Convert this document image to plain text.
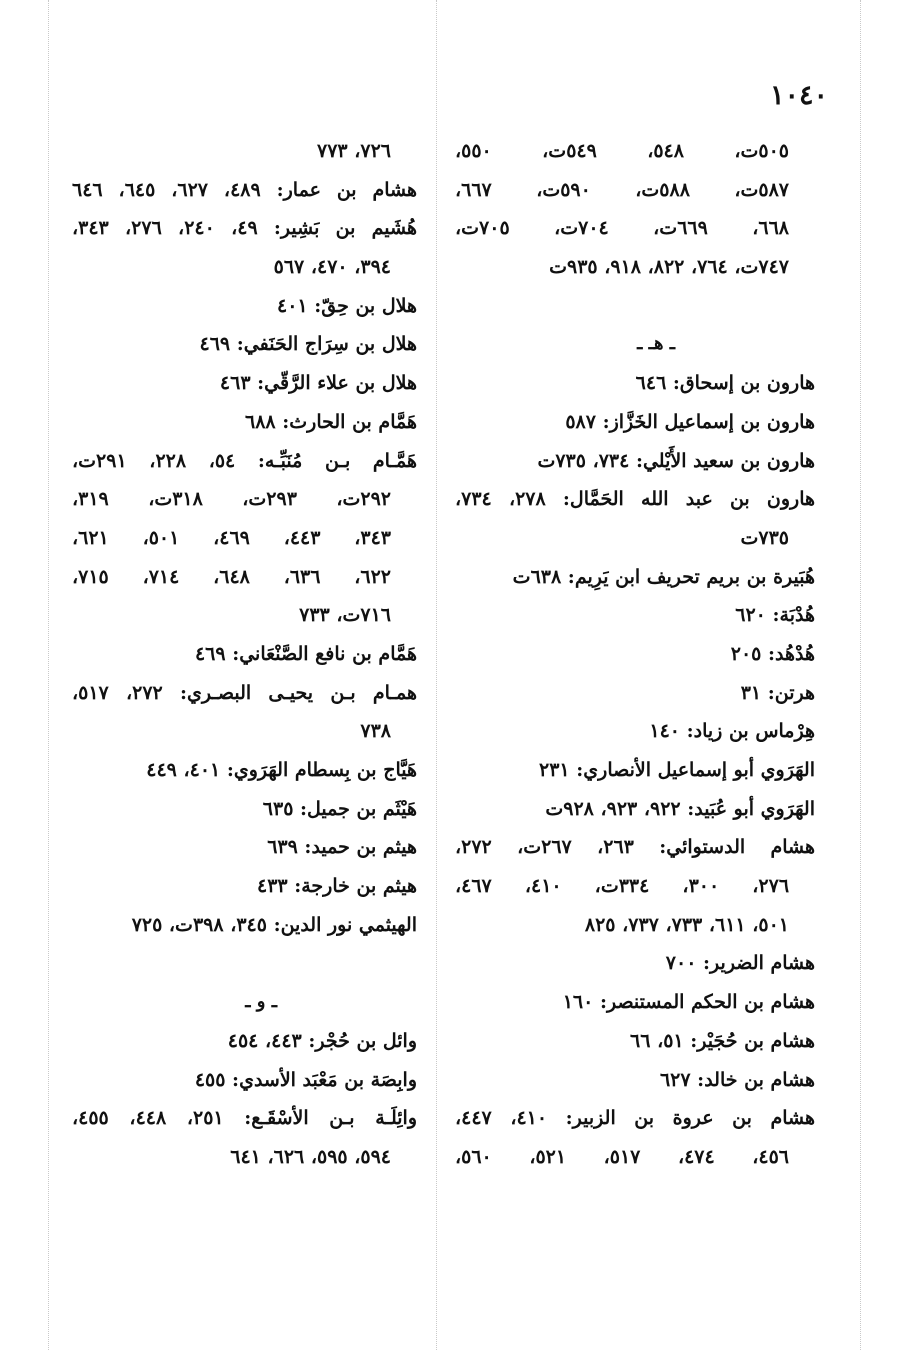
١٠٤٠
٥٠٥ت، ٥٤٨، ٥٤٩ت، ٥٥٠،
٥٨٧ت، ٥٨٨ت، ٥٩٠ت، ٦٦٧،
٦٦٨، ٦٦٩ت، ٧٠٤ت، ٧٠٥ت،
٧٤٧ت، ٧٦٤، ٨٢٢، ٩١٨، ٩٣٥ت
ـ هـ ـ
هارون بن إسحاق: ٦٤٦
هارون بن إسماعيل الخَزَّاز: ٥٨٧
هارون بن سعيد الأَيْلي: ٧٣٤، ٧٣٥ت
هارون بن عبد الله الحَمَّال: ٢٧٨، ٧٣٤،
٧٣٥ت
هُبَيرة بن بريم تحريف ابن يَرِيم: ٦٣٨ت
هُدْبَة: ٦٢٠
هُدْهُد: ٢٠٥
هرتن: ٣١
هِرْماس بن زياد: ١٤٠
الهَرَوي أبو إسماعيل الأنصاري: ٢٣١
الهَرَوي أبو عُبَيد: ٩٢٢، ٩٢٣، ٩٢٨ت
هشام الدستوائي: ٢٦٣، ٢٦٧ت، ٢٧٢،
٢٧٦، ٣٠٠، ٣٣٤ت، ٤١٠، ٤٦٧،
٥٠١، ٦١١، ٧٣٣، ٧٣٧، ٨٢٥
هشام الضرير: ٧٠٠
هشام بن الحكم المستنصر: ١٦٠
هشام بن حُجَيْر: ٥١، ٦٦
هشام بن خالد: ٦٢٧
هشام بن عروة بن الزبير: ٤١٠، ٤٤٧،
٤٥٦، ٤٧٤، ٥١٧، ٥٢١، ٥٦٠،
٧٢٦، ٧٧٣
هشام بن عمار: ٤٨٩، ٦٢٧، ٦٤٥، ٦٤٦
هُشَيم بن بَشِير: ٤٩، ٢٤٠، ٢٧٦، ٣٤٣،
٣٩٤، ٤٧٠، ٥٦٧
هلال بن حِقّ: ٤٠١
هلال بن سِرَاج الحَنَفي: ٤٦٩
هلال بن علاء الرَّقّي: ٤٦٣
هَمَّام بن الحارث: ٦٨٨
هَمَّـام بـن مُنَبِّـه: ٥٤، ٢٢٨، ٢٩١ت،
٢٩٢ت، ٢٩٣ت، ٣١٨ت، ٣١٩،
٣٤٣، ٤٤٣، ٤٦٩، ٥٠١، ٦٢١،
٦٢٢، ٦٣٦، ٦٤٨، ٧١٤، ٧١٥،
٧١٦ت، ٧٣٣
هَمَّام بن نافع الصَّنْعَاني: ٤٦٩
همـام بـن يحيـى البصـري: ٢٧٢، ٥١٧،
٧٣٨
هَيَّاج بن بِسطام الهَرَوي: ٤٠١، ٤٤٩
هَيْثَم بن جميل: ٦٣٥
هيثم بن حميد: ٦٣٩
هيثم بن خارجة: ٤٣٣
الهيثمي نور الدين: ٣٤٥، ٣٩٨ت، ٧٢٥
ـ و ـ
وائل بن حُجْر: ٤٤٣، ٤٥٤
وابِصَة بن مَعْبَد الأسدي: ٤٥٥
وائِلَـة بـن الأسْقَـع: ٢٥١، ٤٤٨، ٤٥٥،
٥٩٤، ٥٩٥، ٦٢٦، ٦٤١
